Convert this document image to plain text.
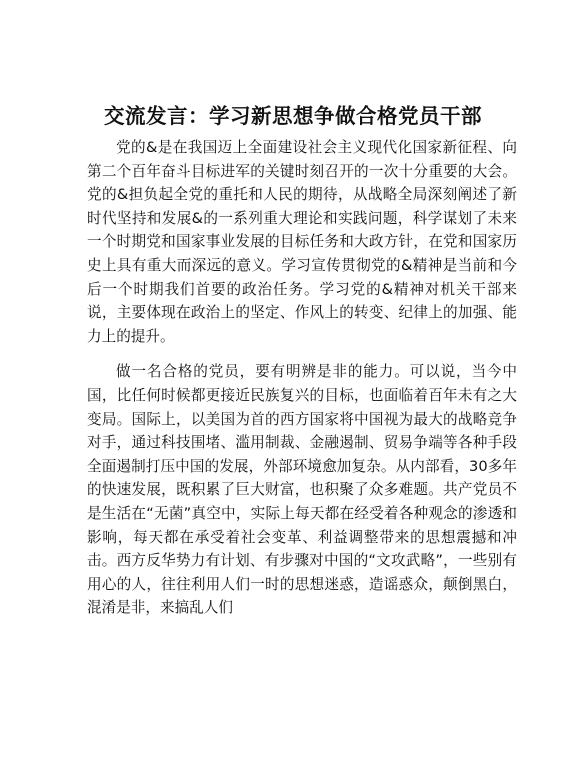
交流发言：学习新思想争做合格党员干部

党的&是在我国迈上全面建设社会主义现代化国家新征程、向第二个百年奋斗目标进军的关键时刻召开的一次十分重要的大会。党的&担负起全党的重托和人民的期待，从战略全局深刻阐述了新时代坚持和发展&的一系列重大理论和实践问题，科学谋划了未来一个时期党和国家事业发展的目标任务和大政方针，在党和国家历史上具有重大而深远的意义。学习宣传贯彻党的&精神是当前和今后一个时期我们首要的政治任务。学习党的&精神对机关干部来说，主要体现在政治上的坚定、作风上的转变、纪律上的加强、能力上的提升。

做一名合格的党员，要有明辨是非的能力。可以说，当今中国，比任何时候都更接近民族复兴的目标，也面临着百年未有之大变局。国际上，以美国为首的西方国家将中国视为最大的战略竞争对手，通过科技围堵、滥用制裁、金融遏制、贸易争端等各种手段全面遏制打压中国的发展，外部环境愈加复杂。从内部看，30多年的快速发展，既积累了巨大财富，也积聚了众多难题。共产党员不是生活在“无菌”真空中，实际上每天都在经受着各种观念的渗透和影响，每天都在承受着社会变革、利益调整带来的思想震撼和冲击。西方反华势力有计划、有步骤对中国的“文攻武略”，一些别有用心的人，往往利用人们一时的思想迷惑，造谣惑众，颠倒黑白，混淆是非，来搞乱人们
